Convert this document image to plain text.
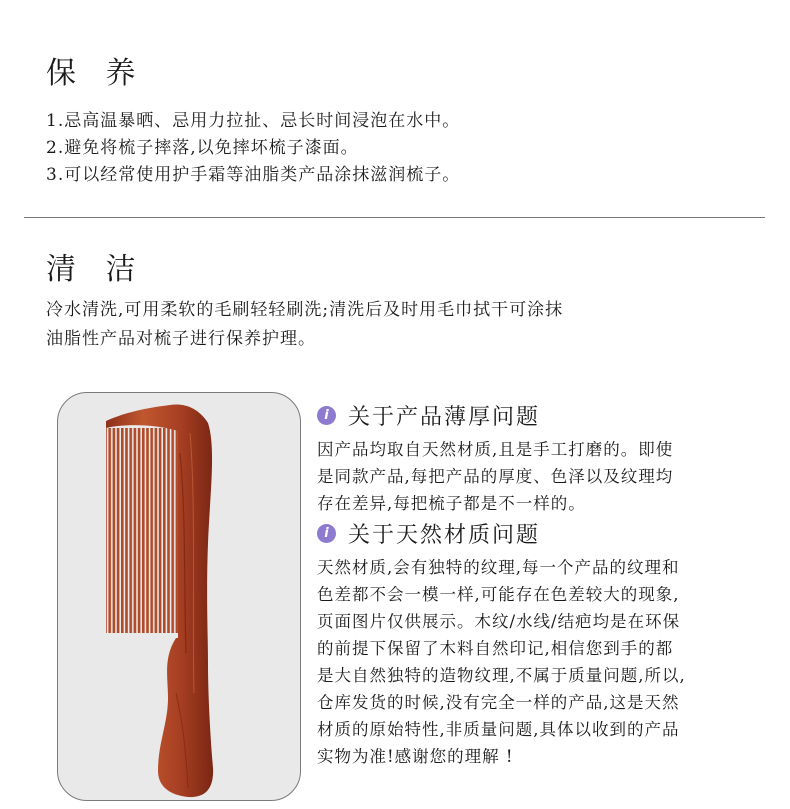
保 养
1.忌高温暴晒、忌用力拉扯、忌长时间浸泡在水中。
2.避免将梳子摔落,以免摔坏梳子漆面。
3.可以经常使用护手霜等油脂类产品涂抹滋润梳子。
清 洁
冷水清洗,可用柔软的毛刷轻轻刷洗;清洗后及时用毛巾拭干可涂抹
油脂性产品对梳子进行保养护理。
i 关于产品薄厚问题
因产品均取自天然材质,且是手工打磨的。即使
是同款产品,每把产品的厚度、色泽以及纹理均
存在差异,每把梳子都是不一样的。
i 关于天然材质问题
天然材质,会有独特的纹理,每一个产品的纹理和
色差都不会一模一样,可能存在色差较大的现象,
页面图片仅供展示。木纹/水线/结疤均是在环保
的前提下保留了木料自然印记,相信您到手的都
是大自然独特的造物纹理,不属于质量问题,所以,
仓库发货的时候,没有完全一样的产品,这是天然
材质的原始特性,非质量问题,具体以收到的产品
实物为准!感谢您的理解 !
